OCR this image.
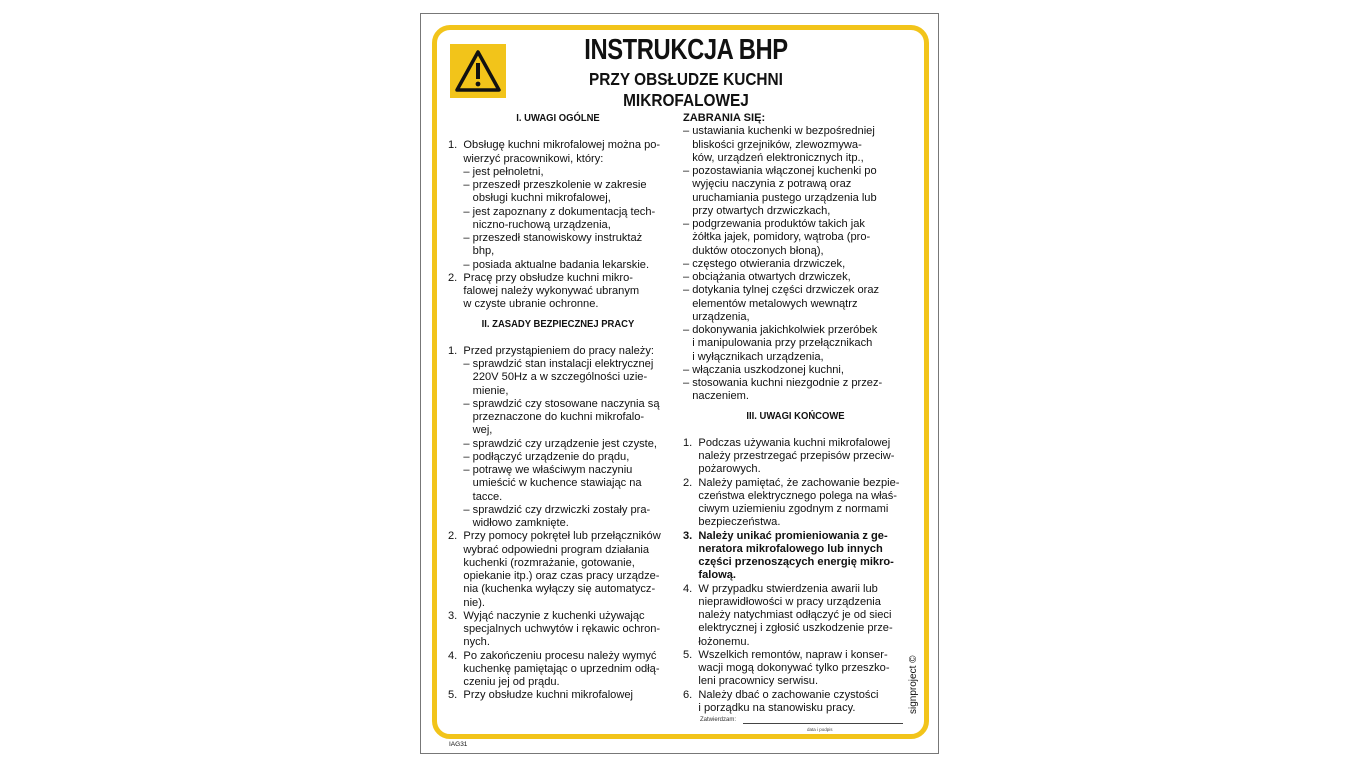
INSTRUKCJA BHP
PRZY OBSŁUDZE KUCHNI MIKROFALOWEJ
I. UWAGI OGÓLNE
1.  Obsługę kuchni mikrofalowej można po-
wierzyć pracownikowi, który:
– jest pełnoletni,
– przeszedł przeszkolenie w zakresie
obsługi kuchni mikrofalowej,
– jest zapoznany z dokumentacją tech-
niczno-ruchową urządzenia,
– przeszedł stanowiskowy instruktaż
bhp,
– posiada aktualne badania lekarskie.
2.  Pracę przy obsłudze kuchni mikro-
falowej należy wykonywać ubranym
w czyste ubranie ochronne.
II. ZASADY BEZPIECZNEJ PRACY
1.  Przed przystąpieniem do pracy należy:
– sprawdzić stan instalacji elektrycznej
220V 50Hz a w szczególności uzie-
mienie,
– sprawdzić czy stosowane naczynia są
przeznaczone do kuchni mikrofalo-
wej,
– sprawdzić czy urządzenie jest czyste,
– podłączyć urządzenie do prądu,
– potrawę we właściwym naczyniu
umieścić w kuchence stawiając na
tacce.
– sprawdzić czy drzwiczki zostały pra-
widłowo zamknięte.
2.  Przy pomocy pokręteł lub przełączników
wybrać odpowiedni program działania
kuchenki (rozmrażanie, gotowanie,
opiekanie itp.) oraz czas pracy urządze-
nia (kuchenka wyłączy się automatycz-
nie).
3.  Wyjąć naczynie z kuchenki używając
specjalnych uchwytów i rękawic ochron-
nych.
4.  Po zakończeniu procesu należy wymyć
kuchenkę pamiętając o uprzednim odłą-
czeniu jej od prądu.
5.  Przy obsłudze kuchni mikrofalowej
ZABRANIA SIĘ:
– ustawiania kuchenki w bezpośredniej
bliskości grzejników, zlewozmywa-
ków, urządzeń elektronicznych itp.,
– pozostawiania włączonej kuchenki po
wyjęciu naczynia z potrawą oraz
uruchamiania pustego urządzenia lub
przy otwartych drzwiczkach,
– podgrzewania produktów takich jak
żółtka jajek, pomidory, wątroba (pro-
duktów otoczonych błoną),
– częstego otwierania drzwiczek,
– obciążania otwartych drzwiczek,
– dotykania tylnej części drzwiczek oraz
elementów metalowych wewnątrz
urządzenia,
– dokonywania jakichkolwiek przeróbek
i manipulowania przy przełącznikach
i wyłącznikach urządzenia,
– włączania uszkodzonej kuchni,
– stosowania kuchni niezgodnie z przez-
naczeniem.
III. UWAGI KOŃCOWE
1.  Podczas używania kuchni mikrofalowej
należy przestrzegać przepisów przeciw-
pożarowych.
2.  Należy pamiętać, że zachowanie bezpie-
czeństwa elektrycznego polega na właś-
ciwym uziemieniu zgodnym z normami
bezpieczeństwa.
3.  Należy unikać promieniowania z ge-
neratora mikrofalowego lub innych
części przenoszących energię mikro-
falową.
4.  W przypadku stwierdzenia awarii lub
nieprawidłowości w pracy urządzenia
należy natychmiast odłączyć je od sieci
elektrycznej i zgłosić uszkodzenie prze-
łożonemu.
5.  Wszelkich remontów, napraw i konser-
wacji mogą dokonywać tylko przeszko-
leni pracownicy serwisu.
6.  Należy dbać o zachowanie czystości
i porządku na stanowisku pracy.
Zatwierdzam:
data i podpis
IAG31
signproject ©
